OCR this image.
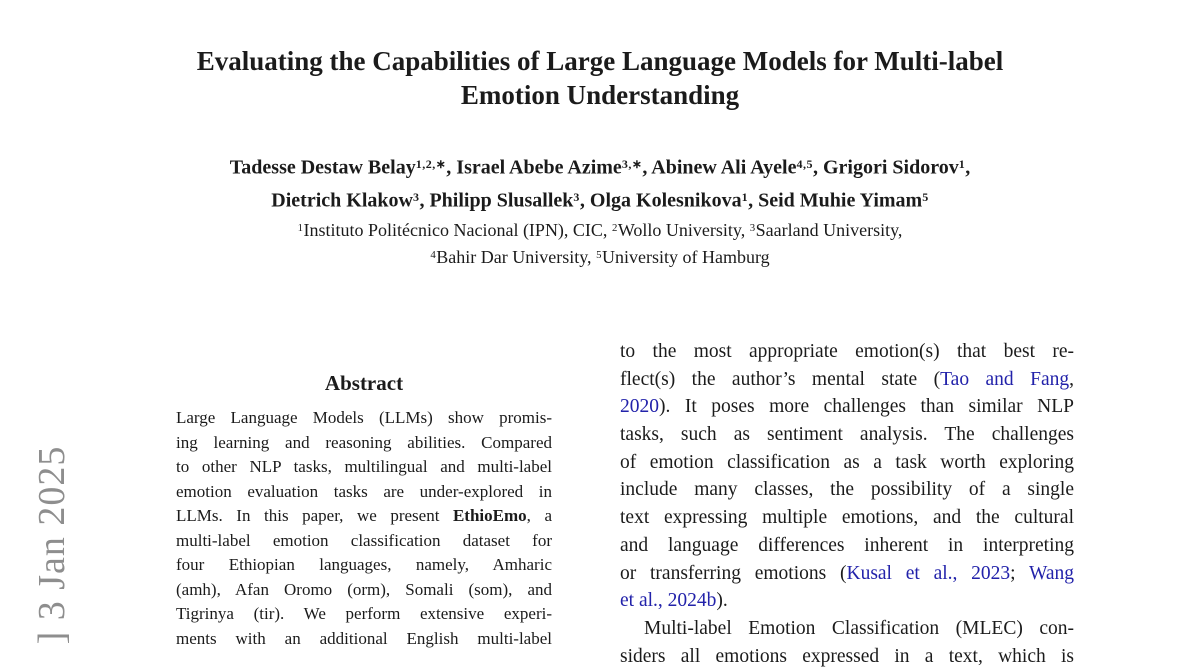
] 3 Jan 2025
Evaluating the Capabilities of Large Language Models for Multi-label
Emotion Understanding
Tadesse Destaw Belay$^{1,2,∗}$, Israel Abebe Azime$^{3,∗}$, Abinew Ali Ayele$^{4,5}$, Grigori Sidorov$^1$,
Dietrich Klakow$^3$, Philipp Slusallek$^3$, Olga Kolesnikova$^1$, Seid Muhie Yimam$^5$
$^1$Instituto Politécnico Nacional (IPN), CIC, $^2$Wollo University, $^3$Saarland University,
$^4$Bahir Dar University, $^5$University of Hamburg
Abstract
Large Language Models (LLMs) show promis-
ing learning and reasoning abilities. Compared
to other NLP tasks, multilingual and multi-label
emotion evaluation tasks are under-explored in
LLMs. In this paper, we present EthioEmo, a
multi-label emotion classification dataset for
four Ethiopian languages, namely, Amharic
(amh), Afan Oromo (orm), Somali (som), and
Tigrinya (tir). We perform extensive experi-
ments with an additional English multi-label
to the most appropriate emotion(s) that best re-
flect(s) the author’s mental state (Tao and Fang,
2020). It poses more challenges than similar NLP
tasks, such as sentiment analysis. The challenges
of emotion classification as a task worth exploring
include many classes, the possibility of a single
text expressing multiple emotions, and the cultural
and language differences inherent in interpreting
or transferring emotions (Kusal et al., 2023; Wang
et al., 2024b).
Multi-label Emotion Classification (MLEC) con-
siders all emotions expressed in a text, which is
